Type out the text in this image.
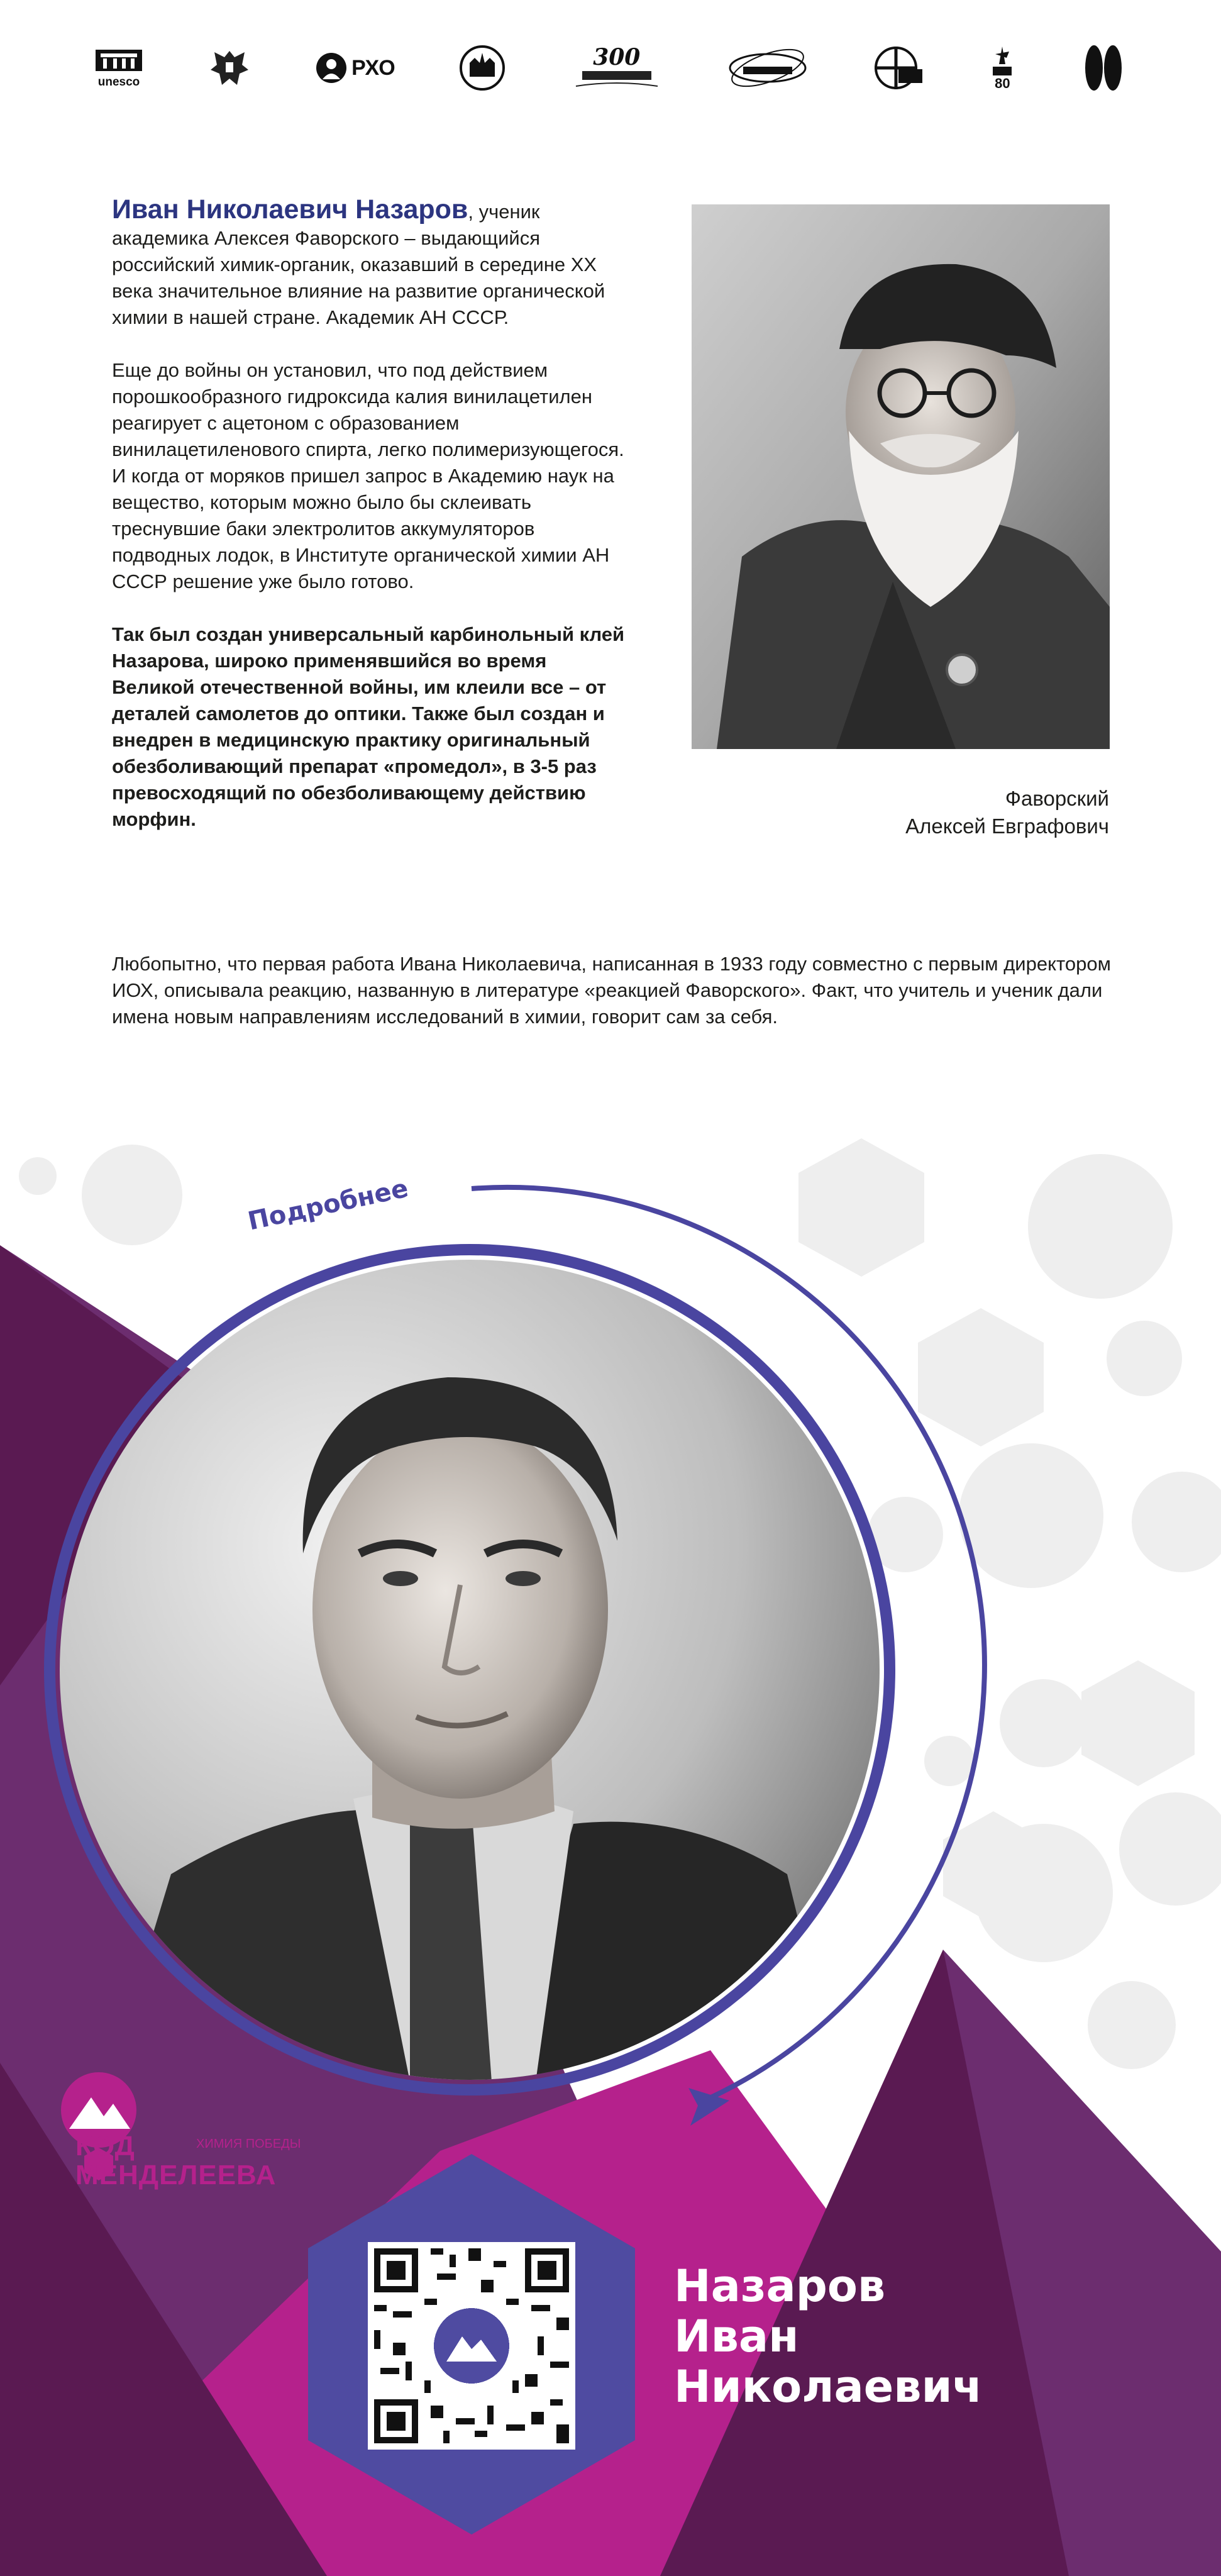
unesco
РХО	300
80

Иван Николаевич Назаров, ученик академика Алексея Фаворского – выдающийся российский химик-органик, оказавший в середине XX века значительное влияние на развитие органической химии в нашей стране. Академик АН СССР.

Еще до войны он установил, что под действием порошкообразного гидроксида калия винилацетилен реагирует с ацетоном с образованием винилацетиленового спирта, легко полимеризующегося. И когда от моряков пришел запрос в Академию наук на вещество, которым можно было бы склеивать треснувшие баки электролитов аккумуляторов подводных лодок, в Институте органической химии АН СССР решение уже было готово.

Так был создан универсальный карбинольный клей Назарова, широко применявшийся во время Великой отечественной войны, им клеили все – от деталей самолетов до оптики. Также был создан и внедрен в медицинскую практику оригинальный обезболивающий препарат «промедол», в 3-5 раз превосходящий по обезболивающему действию морфин.

Любопытно, что первая работа Ивана Николаевича, написанная в 1933 году совместно с первым директором ИОХ, описывала реакцию, названную в литературе «реакцией Фаворского». Факт, что учитель и ученик дали имена новым направлениям исследований в химии, говорит сам за себя.

Фаворский
Алексей Евграфович
Подробнее
КОД
МЕНДЕЛЕЕВА
ХИМИЯ ПОБЕДЫ
Назаров
Иван
Николаевич
